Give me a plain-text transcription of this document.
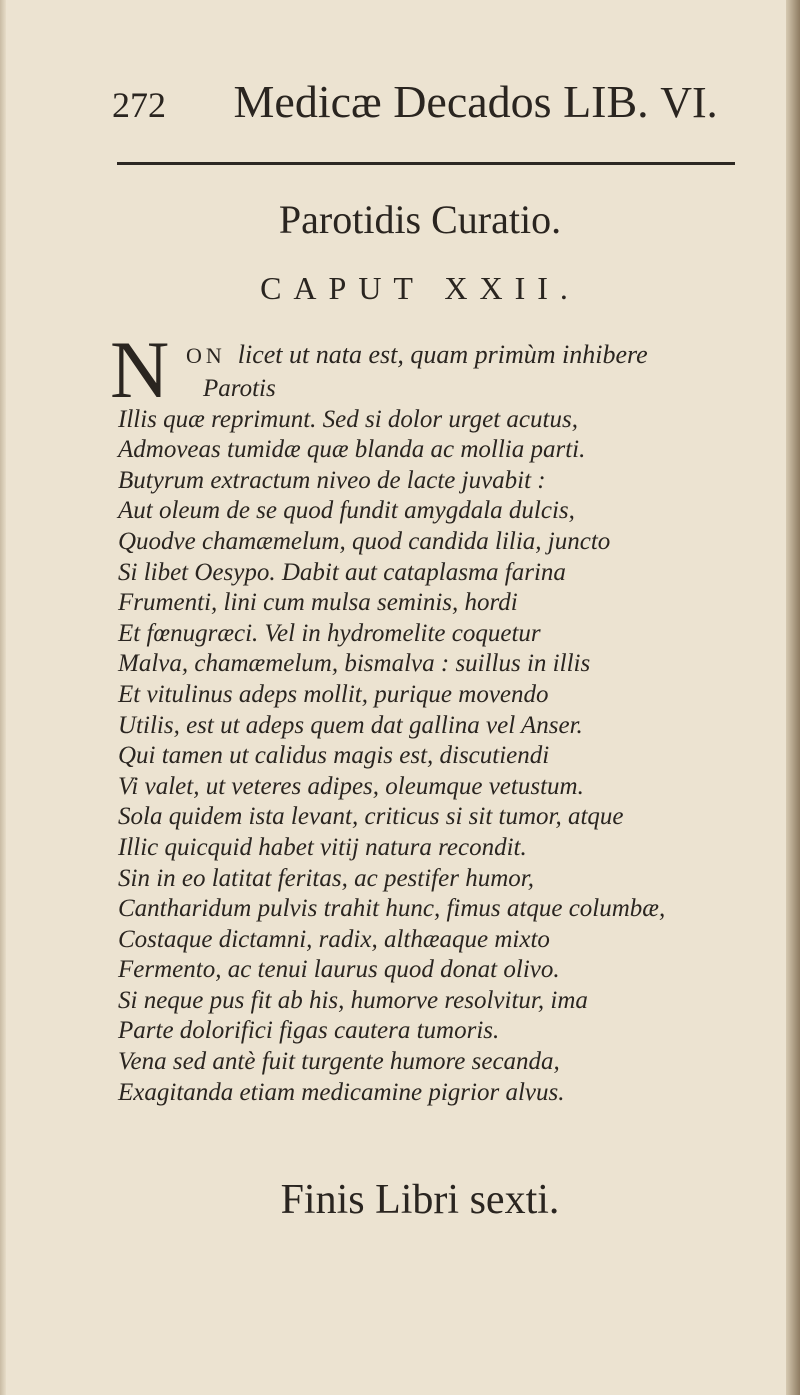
272 Medicæ Decados LIB. VI.
Parotidis Curatio.
CAPUT XXII.
N ON licet ut nata est, quam primùm inhibere
Parotis
Illis quæ reprimunt. Sed si dolor urget acutus,
Admoveas tumidæ quæ blanda ac mollia parti.
Butyrum extractum niveo de lacte juvabit :
Aut oleum de se quod fundit amygdala dulcis,
Quodve chamæmelum, quod candida lilia, juncto
Si libet Oesypo. Dabit aut cataplasma farina
Frumenti, lini cum mulsa seminis, hordi
Et fœnugræci. Vel in hydromelite coquetur
Malva, chamæmelum, bismalva : suillus in illis
Et vitulinus adeps mollit, purique movendo
Utilis, est ut adeps quem dat gallina vel Anser.
Qui tamen ut calidus magis est, discutiendi
Vi valet, ut veteres adipes, oleumque vetustum.
Sola quidem ista levant, criticus si sit tumor, atque
Illic quicquid habet vitij natura recondit.
Sin in eo latitat feritas, ac pestifer humor,
Cantharidum pulvis trahit hunc, fimus atque columbæ,
Costaque dictamni, radix, althæaque mixto
Fermento, ac tenui laurus quod donat olivo.
Si neque pus fit ab his, humorve resolvitur, ima
Parte dolorifici figas cautera tumoris.
Vena sed antè fuit turgente humore secanda,
Exagitanda etiam medicamine pigrior alvus.
Finis Libri sexti.
